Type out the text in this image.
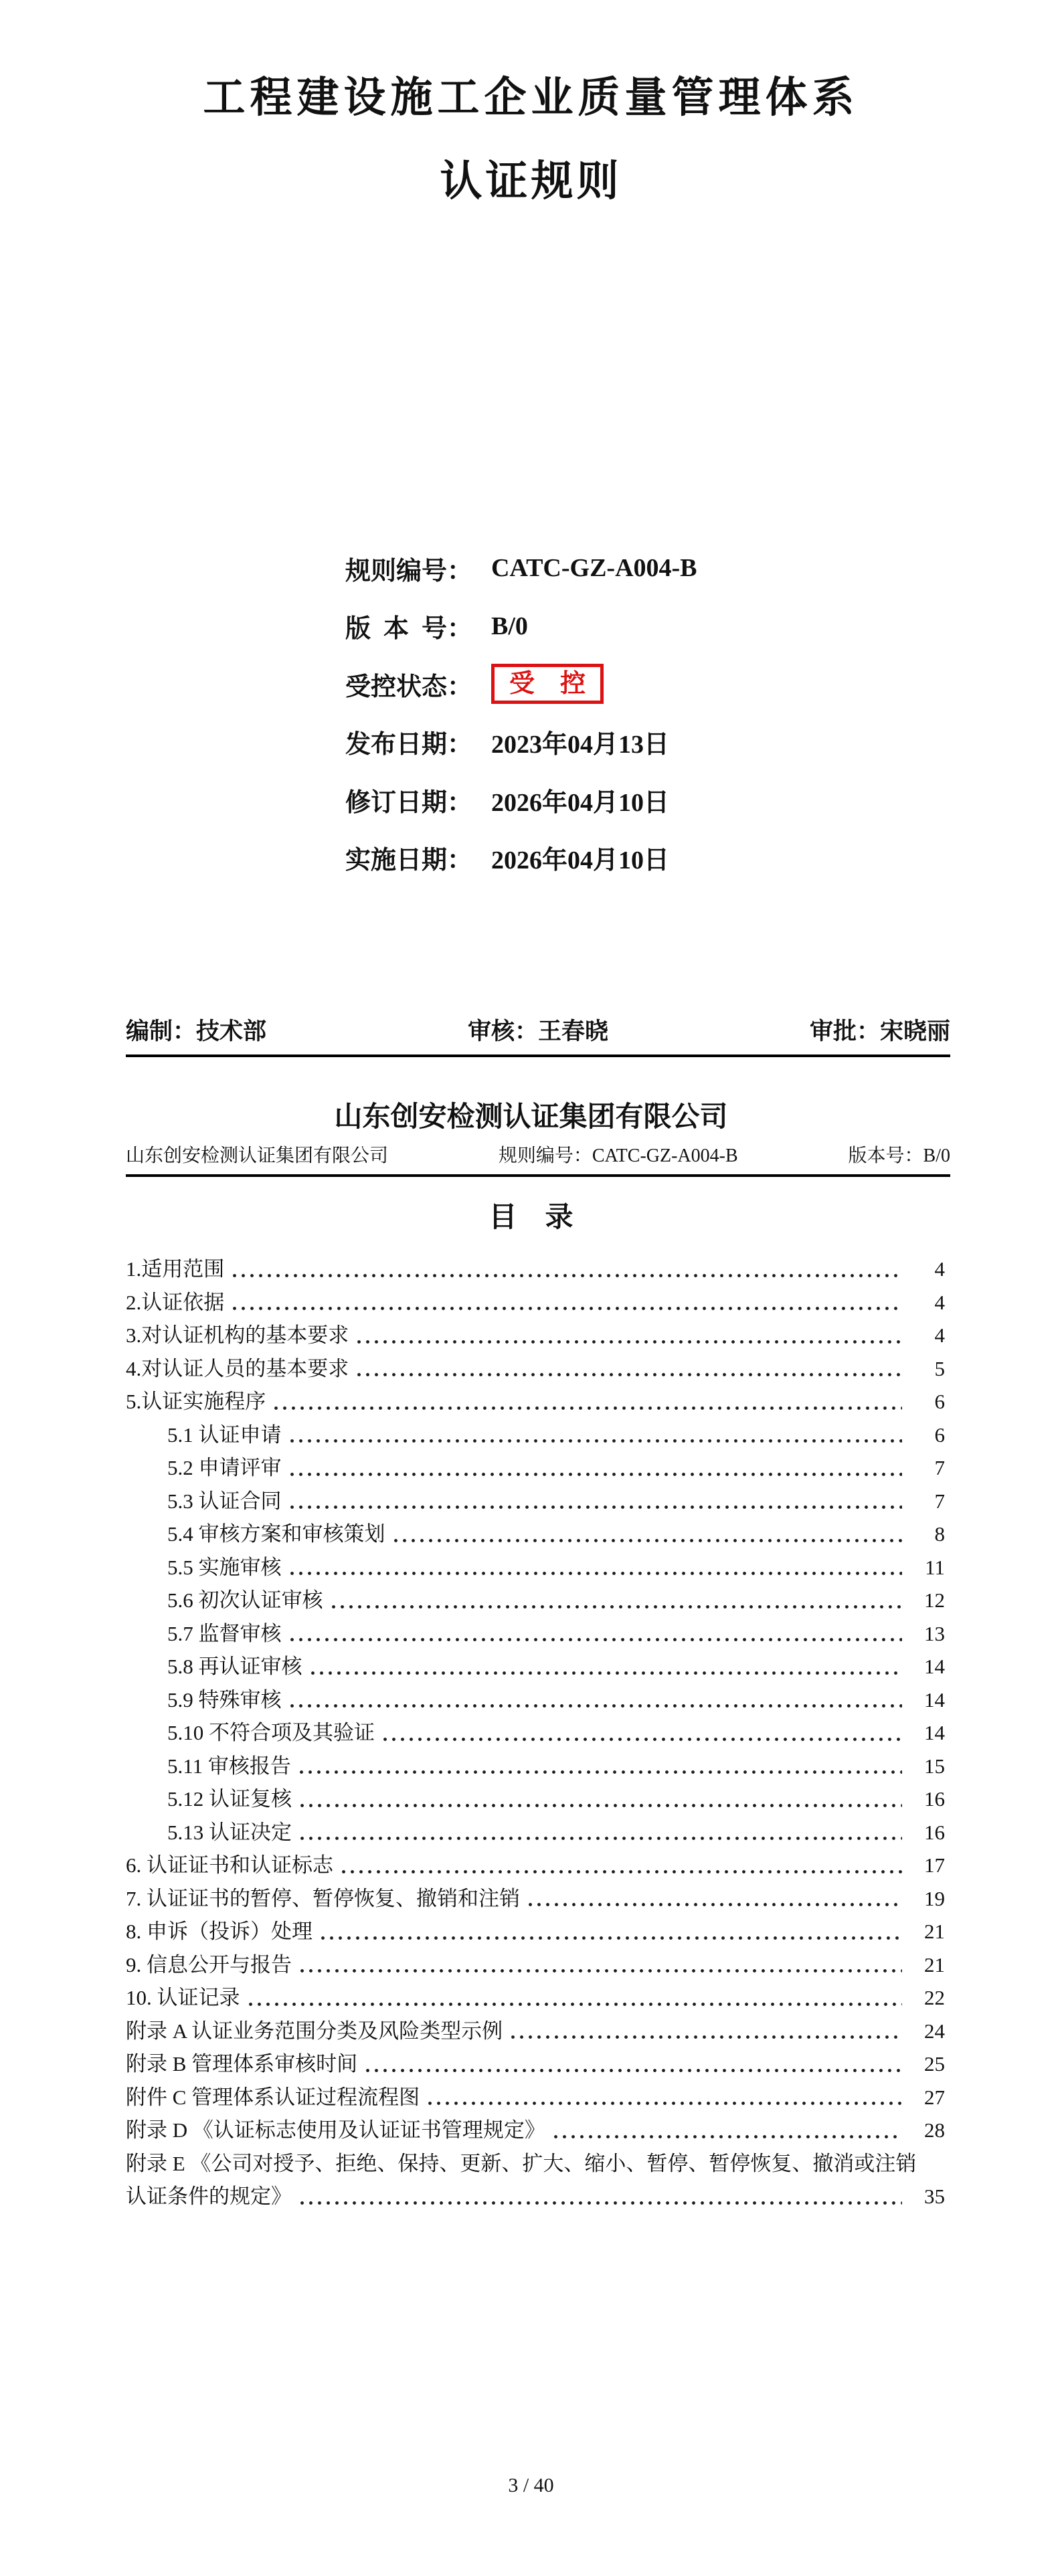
工程建设施工企业质量管理体系
认证规则
规则编号： CATC-GZ-A004-B
版 本 号： B/0
受控状态：	受　控
发布日期： 2023年04月13日
修订日期： 2026年04月10日
实施日期： 2026年04月10日
编制：技术部	审核：王春晓	审批：宋晓丽
山东创安检测认证集团有限公司
山东创安检测认证集团有限公司	规则编号：CATC-GZ-A004-B	版本号：B/0
目　录
1.适用范围	4
2.认证依据	4
3.对认证机构的基本要求	4
4.对认证人员的基本要求	5
5.认证实施程序	6
5.1 认证申请	6
5.2 申请评审	7
5.3 认证合同	7
5.4 审核方案和审核策划	8
5.5 实施审核	11
5.6 初次认证审核	12
5.7 监督审核	13
5.8 再认证审核	14
5.9 特殊审核	14
5.10 不符合项及其验证	14
5.11 审核报告	15
5.12 认证复核	16
5.13 认证决定	16
6. 认证证书和认证标志	17
7. 认证证书的暂停、暂停恢复、撤销和注销	19
8. 申诉（投诉）处理	21
9. 信息公开与报告	21
10. 认证记录	22
附录 A 认证业务范围分类及风险类型示例	24
附录 B 管理体系审核时间	25
附件 C 管理体系认证过程流程图	27
附录 D 《认证标志使用及认证证书管理规定》	28
附录 E 《公司对授予、拒绝、保持、更新、扩大、缩小、暂停、暂停恢复、撤消或注销
认证条件的规定》	35
3 / 40
